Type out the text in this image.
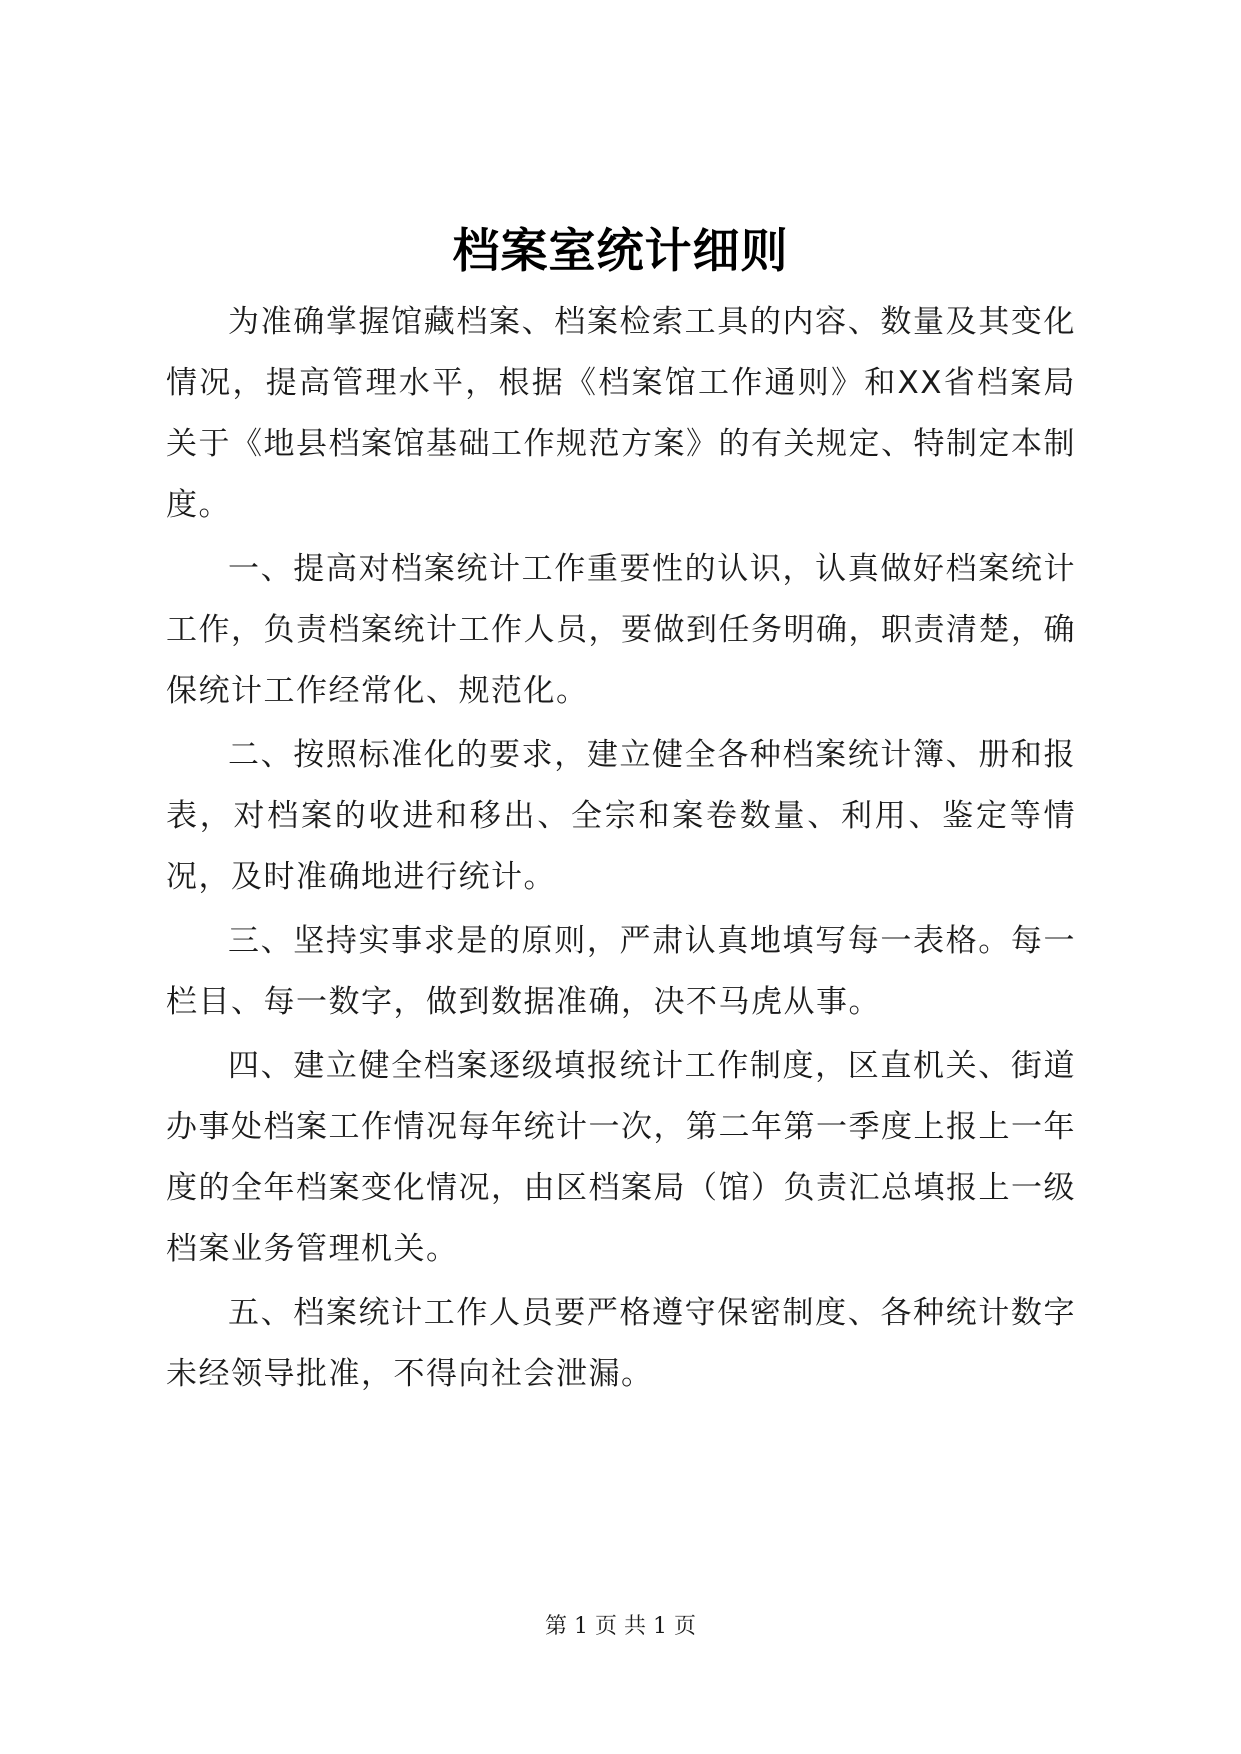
档案室统计细则

为准确掌握馆藏档案、档案检索工具的内容、数量及其变化情况，提高管理水平，根据《档案馆工作通则》和XX省档案局关于《地县档案馆基础工作规范方案》的有关规定、特制定本制度。

一、提高对档案统计工作重要性的认识，认真做好档案统计工作，负责档案统计工作人员，要做到任务明确，职责清楚，确保统计工作经常化、规范化。

二、按照标准化的要求，建立健全各种档案统计簿、册和报表，对档案的收进和移出、全宗和案卷数量、利用、鉴定等情况，及时准确地进行统计。

三、坚持实事求是的原则，严肃认真地填写每一表格。每一栏目、每一数字，做到数据准确，决不马虎从事。

四、建立健全档案逐级填报统计工作制度，区直机关、街道办事处档案工作情况每年统计一次，第二年第一季度上报上一年度的全年档案变化情况，由区档案局（馆）负责汇总填报上一级档案业务管理机关。

五、档案统计工作人员要严格遵守保密制度、各种统计数字未经领导批准，不得向社会泄漏。

第 1 页 共 1 页
